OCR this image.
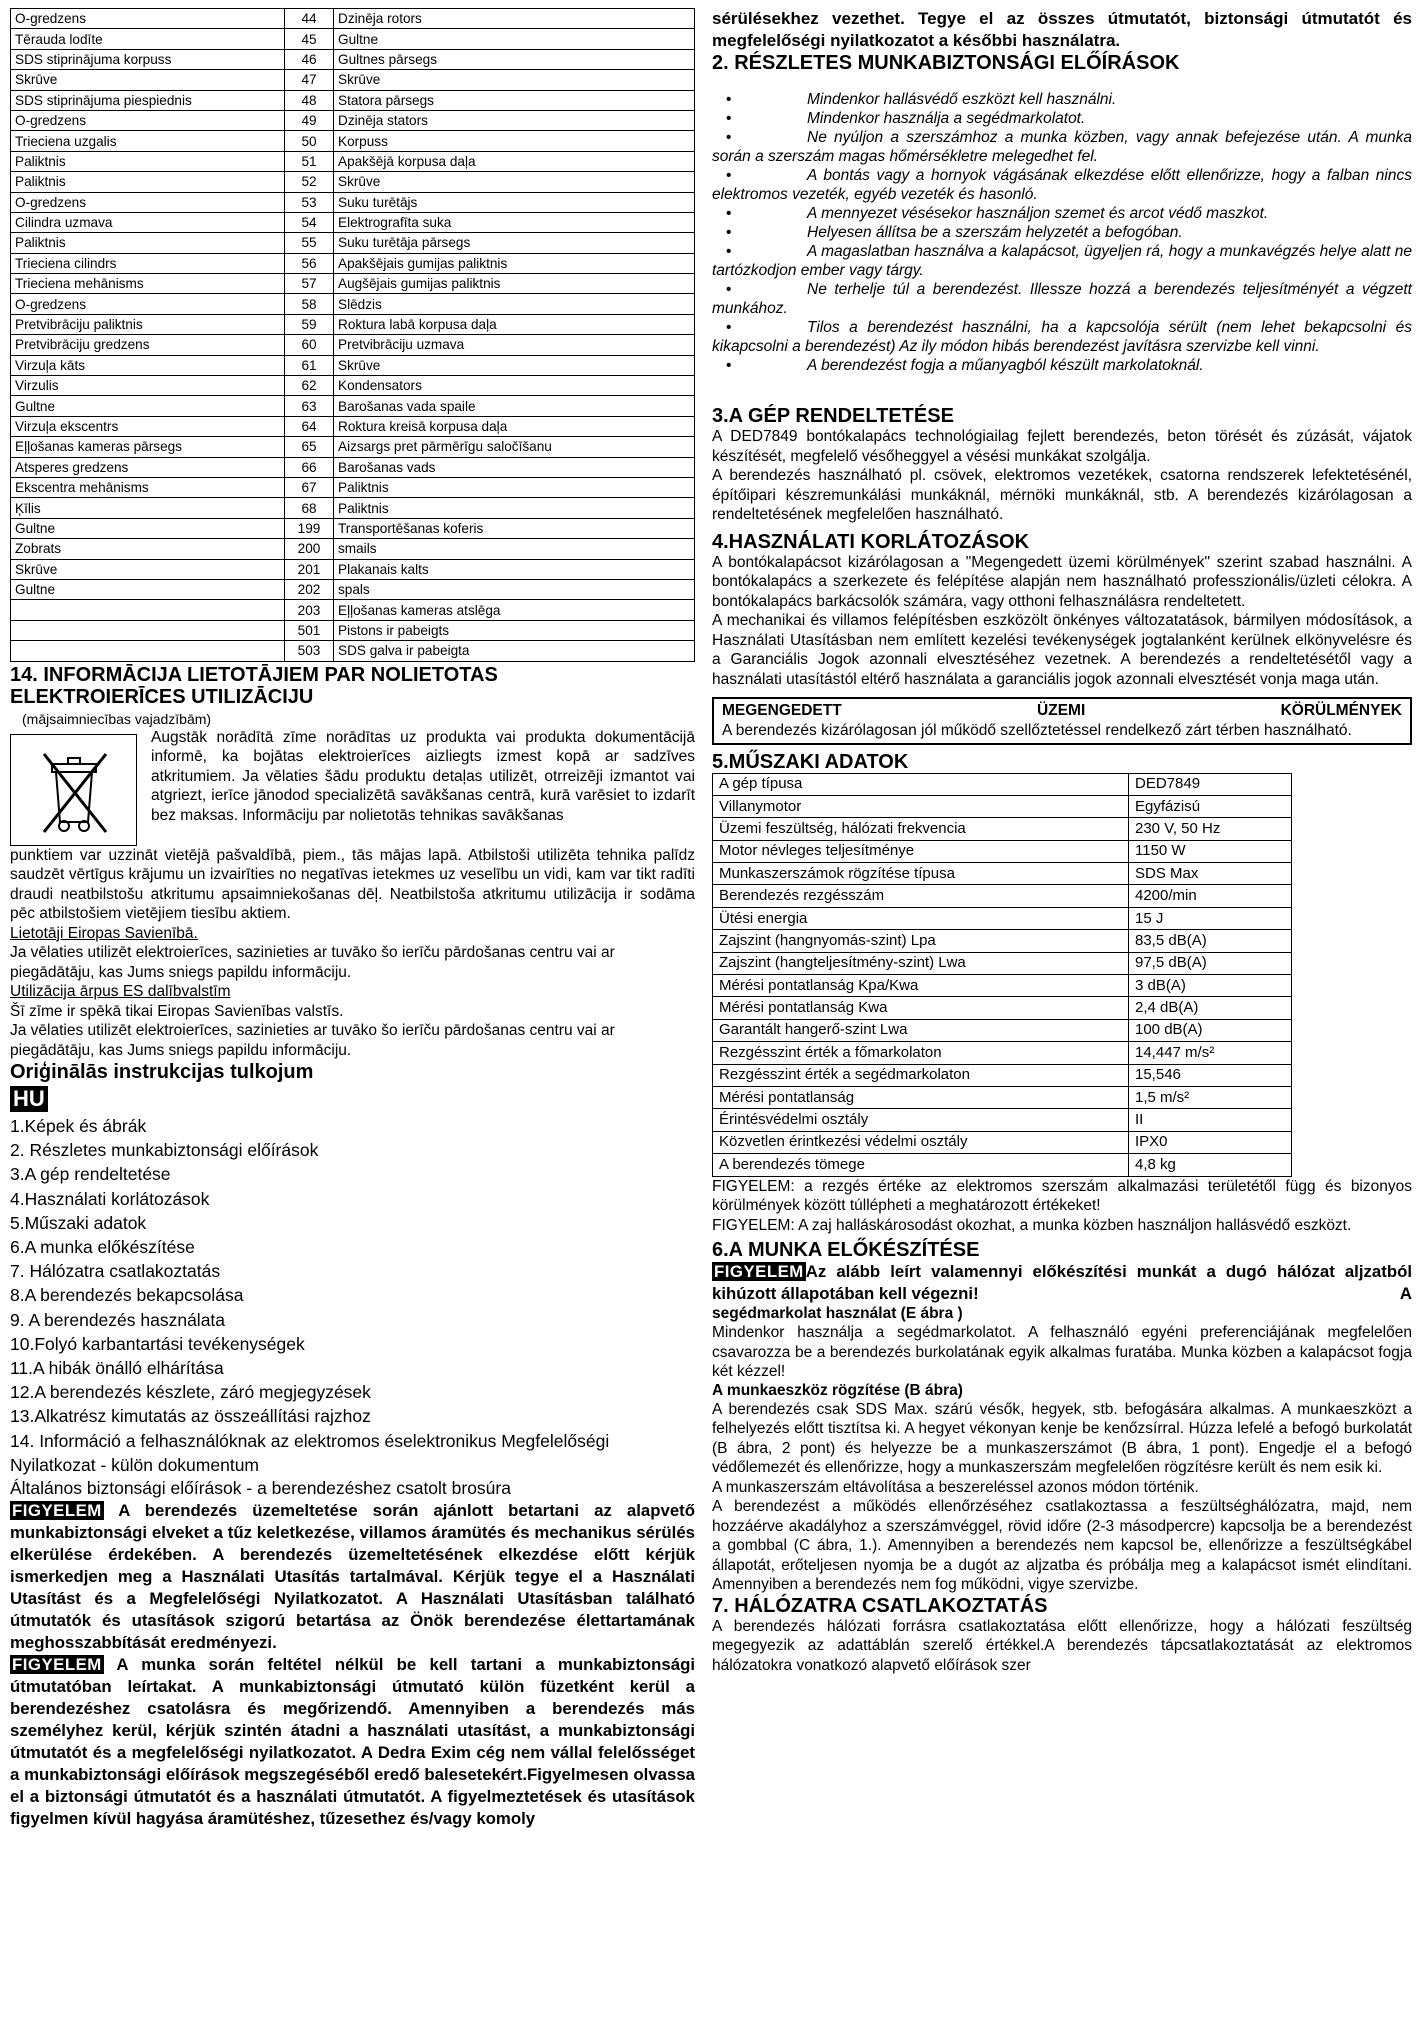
O-gredzens	44	Dzinēja rotors
Tērauda lodīte	45	Gultne
SDS stiprinājuma korpuss	46	Gultnes pārsegs
Skrūve	47	Skrūve
SDS stiprinājuma piespiednis	48	Statora pārsegs
O-gredzens	49	Dzinēja stators
Trieciena uzgalis	50	Korpuss
Paliktnis	51	Apakšējā korpusa daļa
Paliktnis	52	Skrūve
O-gredzens	53	Suku turētājs
Cilindra uzmava	54	Elektrografīta suka
Paliktnis	55	Suku turētāja pārsegs
Trieciena cilindrs	56	Apakšējais gumijas paliktnis
Trieciena mehānisms	57	Augšējais gumijas paliktnis
O-gredzens	58	Slēdzis
Pretvibrāciju paliktnis	59	Roktura labā korpusa daļa
Pretvibrāciju gredzens	60	Pretvibrāciju uzmava
Virzuļa kāts	61	Skrūve
Virzulis	62	Kondensators
Gultne	63	Barošanas vada spaile
Virzuļa ekscentrs	64	Roktura kreisā korpusa daļa
Eļļošanas kameras pārsegs	65	Aizsargs pret pārmērīgu saločīšanu
Atsperes gredzens	66	Barošanas vads
Ekscentra mehānisms	67	Paliktnis
Ķīlis	68	Paliktnis
Gultne	199	Transportēšanas koferis
Zobrats	200	smails
Skrūve	201	Plakanais kalts
Gultne	202	spals
	203	Eļļošanas kameras atslēga
	501	Pistons ir pabeigts
	503	SDS galva ir pabeigta
14. INFORMĀCIJA LIETOTĀJIEM PAR NOLIETOTAS
ELEKTROIERĪCES UTILIZĀCIJU
(mājsaimniecības vajadzībām)
Augstāk norādītā zīme norādītas uz produkta vai produkta dokumentācijā informē, ka bojātas elektroierīces aizliegts izmest kopā ar sadzīves atkritumiem. Ja vēlaties šādu produktu detaļas utilizēt, otrreizēji izmantot vai atgriezt, ierīce jānodod specializētā savākšanas centrā, kurā varēsiet to izdarīt bez maksas. Informāciju par nolietotās tehnikas savākšanas
punktiem var uzzināt vietējā pašvaldībā, piem., tās mājas lapā. Atbilstoši utilizēta tehnika palīdz saudzēt vērtīgus krājumu un izvairīties no negatīvas ietekmes uz veselību un vidi, kam var tikt radīti draudi neatbilstošu atkritumu apsaimniekošanas dēļ. Neatbilstoša atkritumu utilizācija ir sodāma pēc atbilstošiem vietējiem tiesību aktiem.
Lietotāji Eiropas Savienībā.
Ja vēlaties utilizēt elektroierīces, sazinieties ar tuvāko šo ierīču pārdošanas centru vai ar piegādātāju, kas Jums sniegs papildu informāciju.
Utilizācija ārpus ES dalībvalstīm
Šī zīme ir spēkā tikai Eiropas Savienības valstīs.
Ja vēlaties utilizēt elektroierīces, sazinieties ar tuvāko šo ierīču pārdošanas centru vai ar piegādātāju, kas Jums sniegs papildu informāciju.
Oriģinālās instrukcijas tulkojum
HU
1.Képek és ábrák
2. Részletes munkabiztonsági előírások
3.A gép rendeltetése
4.Használati korlátozások
5.Műszaki adatok
6.A munka előkészítése
7. Hálózatra csatlakoztatás
8.A berendezés bekapcsolása
9. A berendezés használata
10.Folyó karbantartási tevékenységek
11.A hibák önálló elhárítása
12.A berendezés készlete, záró megjegyzések
13.Alkatrész kimutatás az összeállítási rajzhoz
14. Információ a felhasználóknak az elektromos éselektronikus Megfelelőségi Nyilatkozat - külön dokumentum
Általános biztonsági előírások - a berendezéshez csatolt brosúra

FIGYELEM A berendezés üzemeltetése során ajánlott betartani az alapvető munkabiztonsági elveket a tűz keletkezése, villamos áramütés és mechanikus sérülés elkerülése érdekében. A berendezés üzemeltetésének elkezdése előtt kérjük ismerkedjen meg a Használati Utasítás tartalmával. Kérjük tegye el a Használati Utasítást és a Megfelelőségi Nyilatkozatot. A Használati Utasításban található útmutatók és utasítások szigorú betartása az Önök berendezése élettartamának meghosszabbítását eredményezi.

FIGYELEM A munka során feltétel nélkül be kell tartani a munkabiztonsági útmutatóban leírtakat. A munkabiztonsági útmutató külön füzetként kerül a berendezéshez csatolásra és megőrizendő. Amennyiben a berendezés más személyhez kerül, kérjük szintén átadni a használati utasítást, a munkabiztonsági útmutatót és a megfelelőségi nyilatkozatot. A Dedra Exim cég nem vállal felelősséget a munkabiztonsági előírások megszegéséből eredő balesetekért.Figyelmesen olvassa el a biztonsági útmutatót és a használati útmutatót. A figyelmeztetések és utasítások figyelmen kívül hagyása áramütéshez, tűzesethez és/vagy komoly

sérülésekhez vezethet. Tegye el az összes útmutatót, biztonsági útmutatót és megfelelőségi nyilatkozatot a későbbi használatra.

2. RÉSZLETES MUNKABIZTONSÁGI ELŐÍRÁSOK
•	Mindenkor hallásvédő eszközt kell használni.
•	Mindenkor használja a segédmarkolatot.
•	Ne nyúljon a szerszámhoz a munka közben, vagy annak befejezése után. A munka során a szerszám magas hőmérsékletre melegedhet fel.
•	A bontás vagy a hornyok vágásának elkezdése előtt ellenőrizze, hogy a falban nincs elektromos vezeték, egyéb vezeték és hasonló.
•	A mennyezet vésésekor használjon szemet és arcot védő maszkot.
•	Helyesen állítsa be a szerszám helyzetét a befogóban.
•	A magaslatban használva a kalapácsot, ügyeljen rá, hogy a munkavégzés helye alatt ne tartózkodjon ember vagy tárgy.
•	Ne terhelje túl a berendezést. Illessze hozzá a berendezés teljesítményét a végzett munkához.
•	Tilos a berendezést használni, ha a kapcsolója sérült (nem lehet bekapcsolni és kikapcsolni a berendezést) Az ily módon hibás berendezést javításra szervizbe kell vinni.
•	A berendezést fogja a műanyagból készült markolatoknál.
3.A GÉP RENDELTETÉSE

A DED7849 bontókalapács technológiailag fejlett berendezés, beton törését és zúzását, vájatok készítését, megfelelő vésőheggyel a vésési munkákat szolgálja.

A berendezés használható pl. csövek, elektromos vezetékek, csatorna rendszerek lefektetésénél, építőipari készremunkálási munkáknál, mérnöki munkáknál, stb. A berendezés kizárólagosan a rendeltetésének megfelelően használható.

4.HASZNÁLATI KORLÁTOZÁSOK

A bontókalapácsot kizárólagosan a "Megengedett üzemi körülmények" szerint szabad használni. A bontókalapács a szerkezete és felépítése alapján nem használható professzionális/üzleti célokra. A bontókalapács barkácsolók számára, vagy otthoni felhasználásra rendeltetett.

A mechanikai és villamos felépítésben eszközölt önkényes változatatások, bármilyen módosítások, a Használati Utasításban nem említett kezelési tevékenységek jogtalanként kerülnek elkönyvelésre és a Garanciális Jogok azonnali elvesztéséhez vezetnek. A berendezés a rendeltetésétől vagy a használati utasítástól eltérő használata a garanciális jogok azonnali elvesztését vonja maga után.

MEGENGEDETT	ÜZEMI	KÖRÜLMÉNYEK

A berendezés kizárólagosan jól működő szellőztetéssel rendelkező zárt térben használható.

5.MŰSZAKI ADATOK
A gép típusa	DED7849
Villanymotor	Egyfázisú
Üzemi feszültség, hálózati frekvencia	230 V, 50 Hz
Motor névleges teljesítménye	1150 W
Munkaszerszámok rögzítése típusa	SDS Max
Berendezés rezgésszám	4200/min
Ütési energia	15 J
Zajszint (hangnyomás-szint) Lpa	83,5 dB(A)
Zajszint (hangteljesítmény-szint) Lwa	97,5 dB(A)
Mérési pontatlanság Kpa/Kwa	3 dB(A)
Mérési pontatlanság Kwa	2,4 dB(A)
Garantált hangerő-szint Lwa	100 dB(A)
Rezgésszint érték a főmarkolaton	14,447 m/s²
Rezgésszint érték a segédmarkolaton	15,546
Mérési pontatlanság	1,5 m/s²
Érintésvédelmi osztály	II
Közvetlen érintkezési védelmi osztály	IPX0
A berendezés tömege	4,8 kg

FIGYELEM: a rezgés értéke az elektromos szerszám alkalmazási területétől függ és bizonyos körülmények között túllépheti a meghatározott értékeket!

FIGYELEM: A zaj halláskárosodást okozhat, a munka közben használjon hallásvédő eszközt.

6.A MUNKA ELŐKÉSZÍTÉSE

FIGYELEM Az alább leírt valamennyi előkészítési munkát a dugó hálózat aljzatból kihúzott állapotában kell végezni!	A

segédmarkolat használat (E ábra )

Mindenkor használja a segédmarkolatot. A felhasználó egyéni preferenciájának megfelelően csavarozza be a berendezés burkolatának egyik alkalmas furatába. Munka közben a kalapácsot fogja két kézzel!

A munkaeszköz rögzítése (B ábra)

A berendezés csak SDS Max. szárú vésők, hegyek, stb. befogására alkalmas. A munkaeszközt a felhelyezés előtt tisztítsa ki. A hegyet vékonyan kenje be kenőzsírral. Húzza lefelé a befogó burkolatát (B ábra, 2 pont) és helyezze be a munkaszerszámot (B ábra, 1 pont). Engedje el a befogó védőlemezét és ellenőrizze, hogy a munkaszerszám megfelelően rögzítésre került és nem esik ki.

A munkaszerszám eltávolítása a beszereléssel azonos módon történik.

A berendezést a működés ellenőrzéséhez csatlakoztassa a feszültséghálózatra, majd, nem hozzáérve akadályhoz a szerszámvéggel, rövid időre (2-3 másodpercre) kapcsolja be a berendezést a gombbal (C ábra, 1.). Amennyiben a berendezés nem kapcsol be, ellenőrizze a feszültségkábel állapotát, erőteljesen nyomja be a dugót az aljzatba és próbálja meg a kalapácsot ismét elindítani. Amennyiben a berendezés nem fog működni, vigye szervizbe.

7. HÁLÓZATRA CSATLAKOZTATÁS

A berendezés hálózati forrásra csatlakoztatása előtt ellenőrizze, hogy a hálózati feszültség megegyezik az adattáblán szerelő értékkel.A berendezés tápcsatlakoztatását az elektromos hálózatokra vonatkozó alapvető előírások szer
